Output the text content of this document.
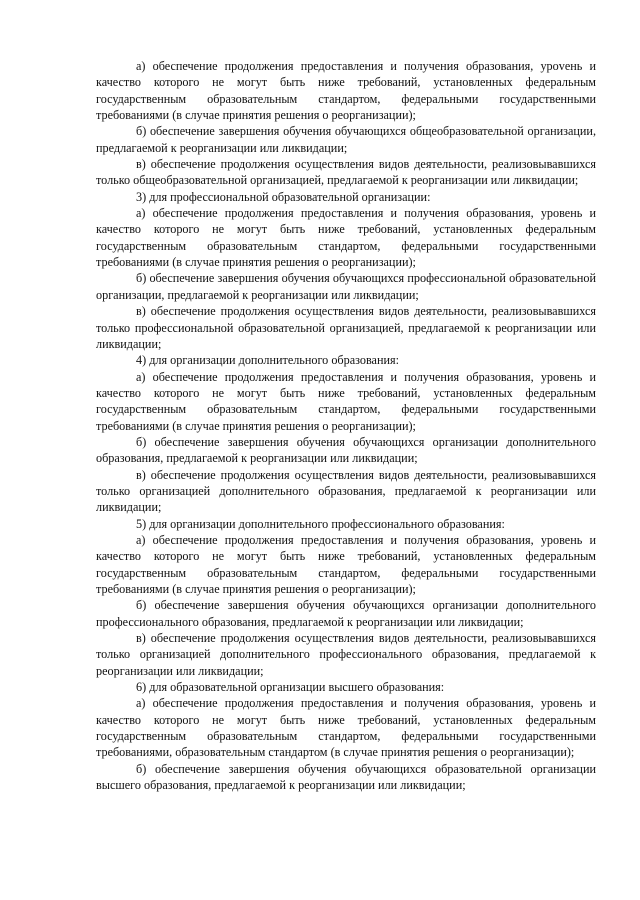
а) обеспечение продолжения предоставления и получения образования, уроvень и качество которого не могут быть ниже требований, установленных федеральным государственным образовательным стандартом, федеральными государственными требованиями (в случае принятия решения о реорганизации);

б) обеспечение завершения обучения обучающихся общеобразовательной организации, предлагаемой к реорганизации или ликвидации;

в) обеспечение продолжения осуществления видов деятельности, реализовывавшихся только общеобразовательной организацией, предлагаемой к реорганизации или ликвидации;

3) для профессиональной образовательной организации:

а) обеспечение продолжения предоставления и получения образования, уровень и качество которого не могут быть ниже требований, установленных федеральным государственным образовательным стандартом, федеральными государственными требованиями (в случае принятия решения о реорганизации);

б) обеспечение завершения обучения обучающихся профессиональной образовательной организации, предлагаемой к реорганизации или ликвидации;

в) обеспечение продолжения осуществления видов деятельности, реализовывавшихся только профессиональной образовательной организацией, предлагаемой к реорганизации или ликвидации;

4) для организации дополнительного образования:

а) обеспечение продолжения предоставления и получения образования, уровень и качество которого не могут быть ниже требований, установленных федеральным государственным образовательным стандартом, федеральными государственными требованиями (в случае принятия решения о реорганизации);

б) обеспечение завершения обучения обучающихся организации дополнительного образования, предлагаемой к реорганизации или ликвидации;

в) обеспечение продолжения осуществления видов деятельности, реализовывавшихся только организацией дополнительного образования, предлагаемой к реорганизации или ликвидации;

5) для организации дополнительного профессионального образования:

а) обеспечение продолжения предоставления и получения образования, уровень и качество которого не могут быть ниже требований, установленных федеральным государственным образовательным стандартом, федеральными государственными требованиями (в случае принятия решения о реорганизации);

б) обеспечение завершения обучения обучающихся организации дополнительного профессионального образования, предлагаемой к реорганизации или ликвидации;

в) обеспечение продолжения осуществления видов деятельности, реализовывавшихся только организацией дополнительного профессионального образования, предлагаемой к реорганизации или ликвидации;

6) для образовательной организации высшего образования:

а) обеспечение продолжения предоставления и получения образования, уровень и качество которого не могут быть ниже требований, установленных федеральным государственным образовательным стандартом, федеральными государственными требованиями, образовательным стандартом (в случае принятия решения о реорганизации);

б) обеспечение завершения обучения обучающихся образовательной организации высшего образования, предлагаемой к реорганизации или ликвидации;
